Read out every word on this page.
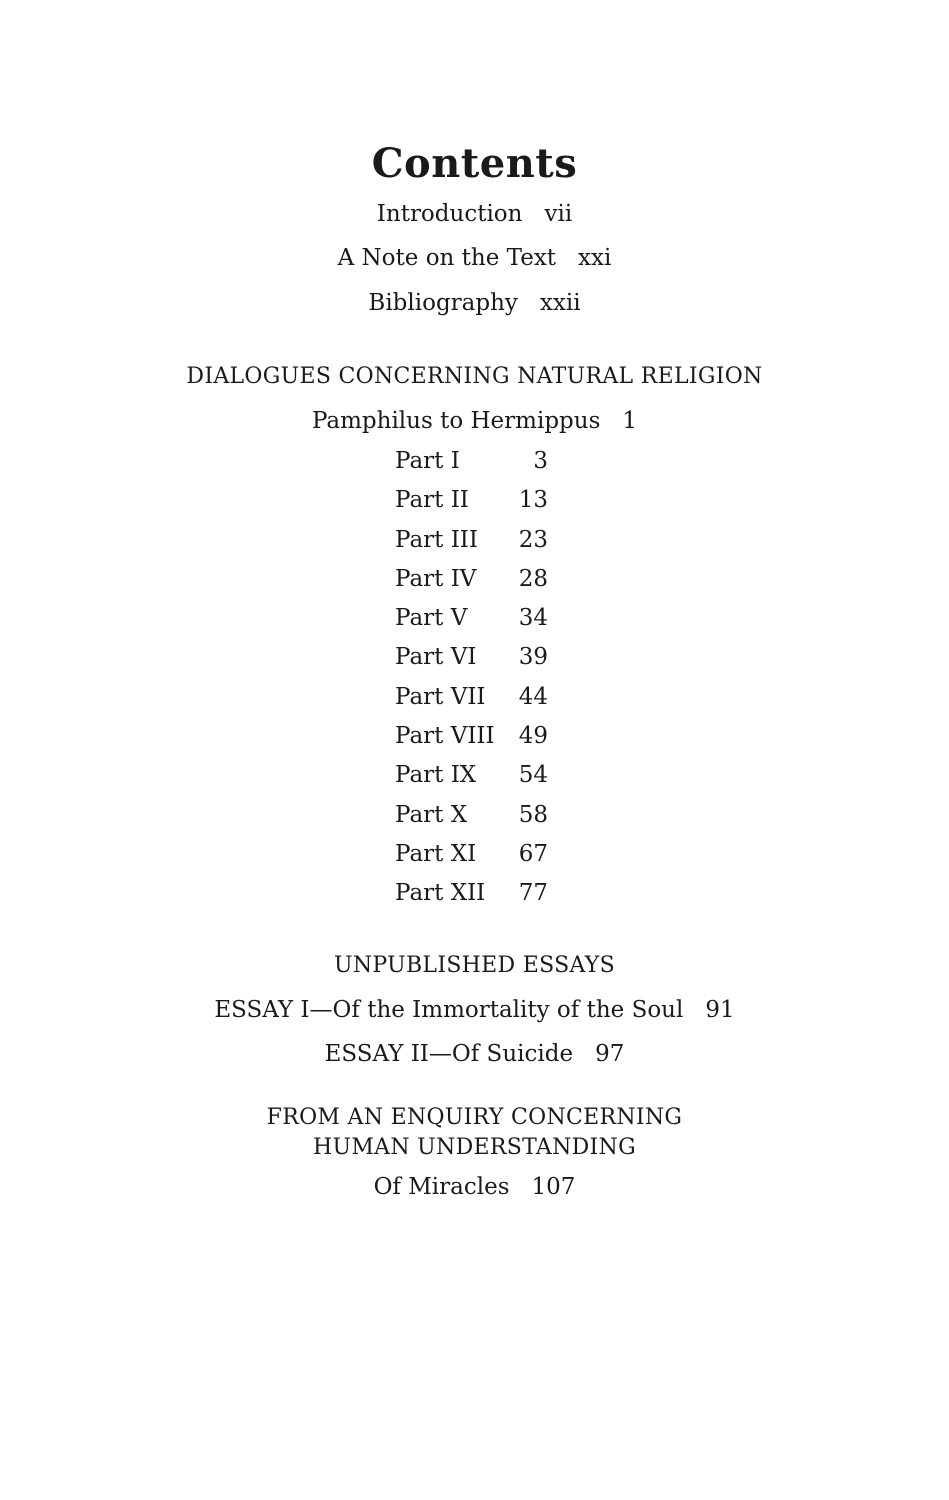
Contents
Introduction vii
A Note on the Text xxi
Bibliography xxii
DIALOGUES CONCERNING NATURAL RELIGION
Pamphilus to Hermippus 1
Part I	3
Part II 13
Part III 23
Part IV 28
Part V 34
Part VI 39
Part VII 44
Part VIII 49
Part IX 54
Part X 58
Part XI 67
Part XII 77
UNPUBLISHED ESSAYS
ESSAY I—Of the Immortality of the Soul 91
ESSAY II—Of Suicide 97
FROM AN ENQUIRY CONCERNING
HUMAN UNDERSTANDING
Of Miracles 107
